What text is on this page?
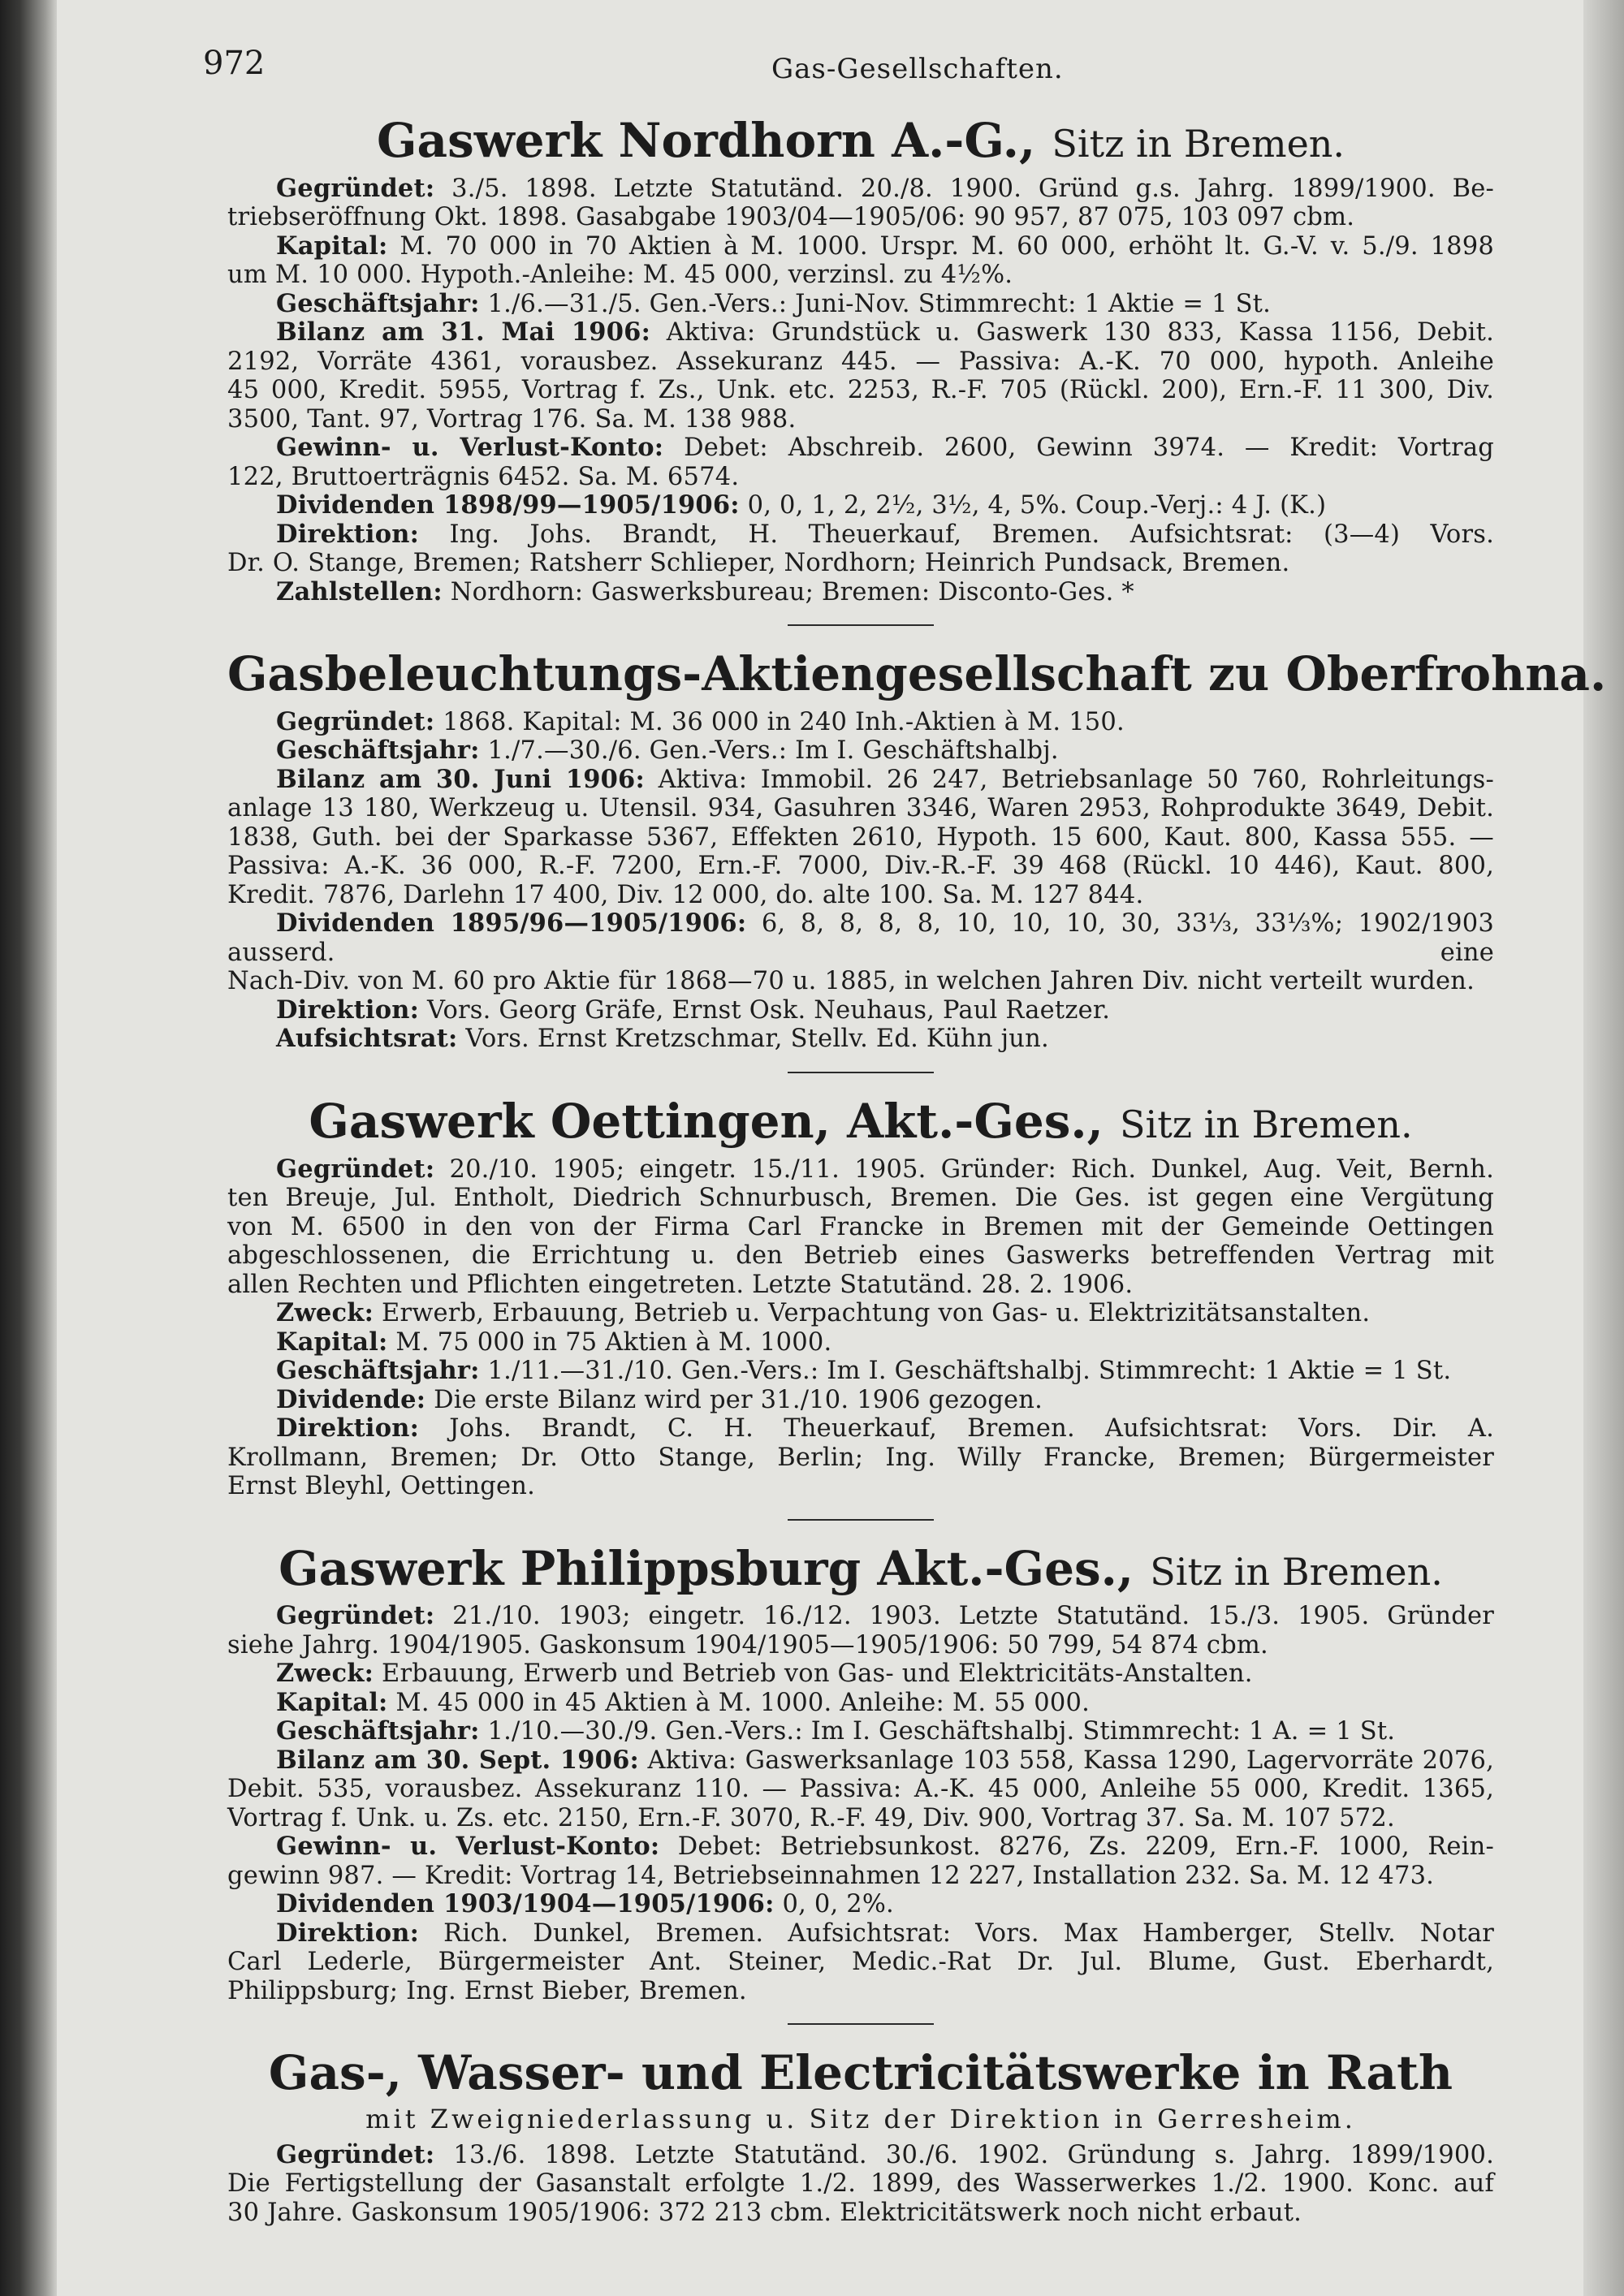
972	Gas-Gesellschaften.
Gaswerk Nordhorn A.-G., Sitz in Bremen.

Gegründet: 3./5. 1898. Letzte Statutänd. 20./8. 1900. Gründ g.s. Jahrg. 1899/1900. Be-

triebseröffnung Okt. 1898. Gasabgabe 1903/04—1905/06: 90 957, 87 075, 103 097 cbm.

Kapital: M. 70 000 in 70 Aktien à M. 1000. Urspr. M. 60 000, erhöht lt. G.-V. v. 5./9. 1898

um M. 10 000. Hypoth.-Anleihe: M. 45 000, verzinsl. zu 4½%.

Geschäftsjahr: 1./6.—31./5. Gen.-Vers.: Juni-Nov. Stimmrecht: 1 Aktie = 1 St.

Bilanz am 31. Mai 1906: Aktiva: Grundstück u. Gaswerk 130 833, Kassa 1156, Debit.

2192, Vorräte 4361, vorausbez. Assekuranz 445. — Passiva: A.-K. 70 000, hypoth. Anleihe

45 000, Kredit. 5955, Vortrag f. Zs., Unk. etc. 2253, R.-F. 705 (Rückl. 200), Ern.-F. 11 300, Div.

3500, Tant. 97, Vortrag 176. Sa. M. 138 988.

Gewinn- u. Verlust-Konto: Debet: Abschreib. 2600, Gewinn 3974. — Kredit: Vortrag

122, Bruttoerträgnis 6452. Sa. M. 6574.

Dividenden 1898/99—1905/1906: 0, 0, 1, 2, 2½, 3½, 4, 5%. Coup.-Verj.: 4 J. (K.)

Direktion: Ing. Johs. Brandt, H. Theuerkauf, Bremen. Aufsichtsrat: (3—4) Vors.

Dr. O. Stange, Bremen; Ratsherr Schlieper, Nordhorn; Heinrich Pundsack, Bremen.

Zahlstellen: Nordhorn: Gaswerksbureau; Bremen: Disconto-Ges. *

Gasbeleuchtungs-Aktiengesellschaft zu Oberfrohna.

Gegründet: 1868. Kapital: M. 36 000 in 240 Inh.-Aktien à M. 150.

Geschäftsjahr: 1./7.—30./6. Gen.-Vers.: Im I. Geschäftshalbj.

Bilanz am 30. Juni 1906: Aktiva: Immobil. 26 247, Betriebsanlage 50 760, Rohrleitungs-

anlage 13 180, Werkzeug u. Utensil. 934, Gasuhren 3346, Waren 2953, Rohprodukte 3649, Debit.

1838, Guth. bei der Sparkasse 5367, Effekten 2610, Hypoth. 15 600, Kaut. 800, Kassa 555. —

Passiva: A.-K. 36 000, R.-F. 7200, Ern.-F. 7000, Div.-R.-F. 39 468 (Rückl. 10 446), Kaut. 800,

Kredit. 7876, Darlehn 17 400, Div. 12 000, do. alte 100. Sa. M. 127 844.

Dividenden 1895/96—1905/1906: 6, 8, 8, 8, 8, 10, 10, 10, 30, 33⅓, 33⅓%; 1902/1903 ausserd. eine

Nach-Div. von M. 60 pro Aktie für 1868—70 u. 1885, in welchen Jahren Div. nicht verteilt wurden.

Direktion: Vors. Georg Gräfe, Ernst Osk. Neuhaus, Paul Raetzer.

Aufsichtsrat: Vors. Ernst Kretzschmar, Stellv. Ed. Kühn jun.

Gaswerk Oettingen, Akt.-Ges., Sitz in Bremen.

Gegründet: 20./10. 1905; eingetr. 15./11. 1905. Gründer: Rich. Dunkel, Aug. Veit, Bernh.

ten Breuje, Jul. Entholt, Diedrich Schnurbusch, Bremen. Die Ges. ist gegen eine Vergütung

von M. 6500 in den von der Firma Carl Francke in Bremen mit der Gemeinde Oettingen

abgeschlossenen, die Errichtung u. den Betrieb eines Gaswerks betreffenden Vertrag mit

allen Rechten und Pflichten eingetreten. Letzte Statutänd. 28. 2. 1906.

Zweck: Erwerb, Erbauung, Betrieb u. Verpachtung von Gas- u. Elektrizitätsanstalten.

Kapital: M. 75 000 in 75 Aktien à M. 1000.

Geschäftsjahr: 1./11.—31./10. Gen.-Vers.: Im I. Geschäftshalbj. Stimmrecht: 1 Aktie = 1 St.

Dividende: Die erste Bilanz wird per 31./10. 1906 gezogen.

Direktion: Johs. Brandt, C. H. Theuerkauf, Bremen. Aufsichtsrat: Vors. Dir. A.

Krollmann, Bremen; Dr. Otto Stange, Berlin; Ing. Willy Francke, Bremen; Bürgermeister

Ernst Bleyhl, Oettingen.

Gaswerk Philippsburg Akt.-Ges., Sitz in Bremen.

Gegründet: 21./10. 1903; eingetr. 16./12. 1903. Letzte Statutänd. 15./3. 1905. Gründer

siehe Jahrg. 1904/1905. Gaskonsum 1904/1905—1905/1906: 50 799, 54 874 cbm.

Zweck: Erbauung, Erwerb und Betrieb von Gas- und Elektricitäts-Anstalten.

Kapital: M. 45 000 in 45 Aktien à M. 1000. Anleihe: M. 55 000.

Geschäftsjahr: 1./10.—30./9. Gen.-Vers.: Im I. Geschäftshalbj. Stimmrecht: 1 A. = 1 St.

Bilanz am 30. Sept. 1906: Aktiva: Gaswerksanlage 103 558, Kassa 1290, Lagervorräte 2076,

Debit. 535, vorausbez. Assekuranz 110. — Passiva: A.-K. 45 000, Anleihe 55 000, Kredit. 1365,

Vortrag f. Unk. u. Zs. etc. 2150, Ern.-F. 3070, R.-F. 49, Div. 900, Vortrag 37. Sa. M. 107 572.

Gewinn- u. Verlust-Konto: Debet: Betriebsunkost. 8276, Zs. 2209, Ern.-F. 1000, Rein-

gewinn 987. — Kredit: Vortrag 14, Betriebseinnahmen 12 227, Installation 232. Sa. M. 12 473.

Dividenden 1903/1904—1905/1906: 0, 0, 2%.

Direktion: Rich. Dunkel, Bremen. Aufsichtsrat: Vors. Max Hamberger, Stellv. Notar

Carl Lederle, Bürgermeister Ant. Steiner, Medic.-Rat Dr. Jul. Blume, Gust. Eberhardt,

Philippsburg; Ing. Ernst Bieber, Bremen.

Gas-, Wasser- und Electricitätswerke in Rath
mit Zweigniederlassung u. Sitz der Direktion in Gerresheim.

Gegründet: 13./6. 1898. Letzte Statutänd. 30./6. 1902. Gründung s. Jahrg. 1899/1900.

Die Fertigstellung der Gasanstalt erfolgte 1./2. 1899, des Wasserwerkes 1./2. 1900. Konc. auf

30 Jahre. Gaskonsum 1905/1906: 372 213 cbm. Elektricitätswerk noch nicht erbaut.
